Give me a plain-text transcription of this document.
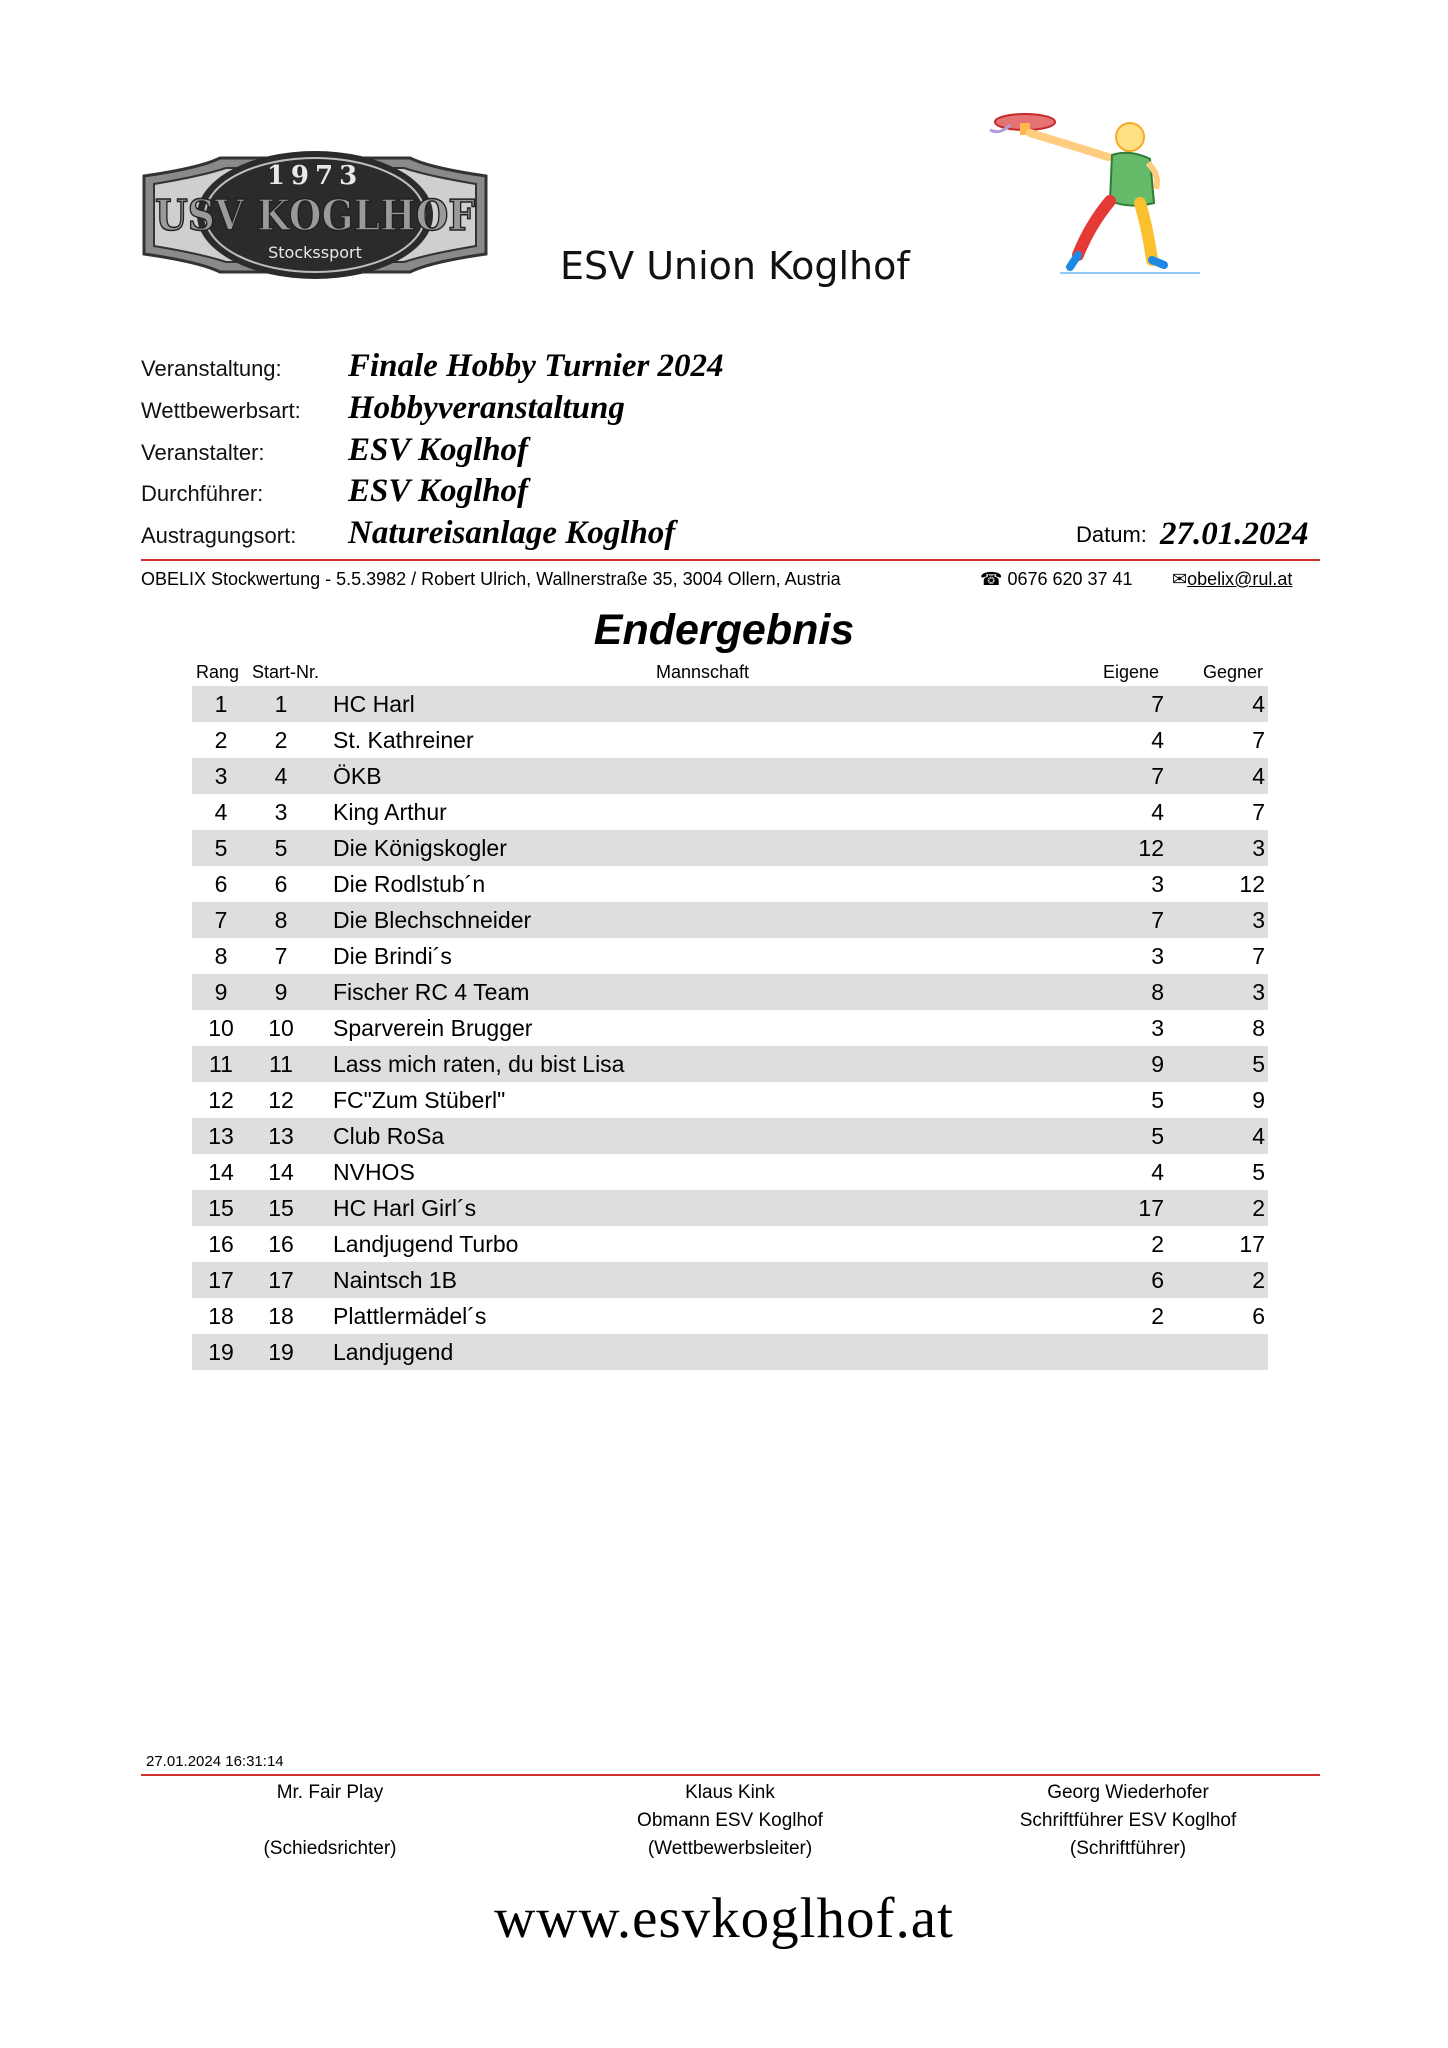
1973
USV KOGLHOF
Stockssport	ESV Union Koglhof
Veranstaltung: Finale Hobby Turnier 2024
Wettbewerbsart: Hobbyveranstaltung
Veranstalter:	ESV Koglhof
Durchführer:	ESV Koglhof
Austragungsort: Natureisanlage Koglhof	Datum: 27.01.2024
OBELIX Stockwertung - 5.5.3982 / Robert Ulrich, Wallnerstraße 35, 3004 Ollern, Austria	☎ 0676 620 37 41 ✉obelix@rul.at
Endergebnis
Rang Start-Nr.	Mannschaft	Eigene Gegner
1	1	HC Harl	7	4
2	2	St. Kathreiner	4	7
3	4	ÖKB	7	4
4	3	King Arthur	4	7
5	5	Die Königskogler	12	3
6	6	Die Rodlstub´n	3	12
7	8	Die Blechschneider	7	3
8	7	Die Brindi´s	3	7
9	9	Fischer RC 4 Team	8	3
10	10	Sparverein Brugger	3	8
11	11	Lass mich raten, du bist Lisa	9	5
12	12	FC"Zum Stüberl"	5	9
13	13	Club RoSa	5	4
14	14	NVHOS	4	5
15	15	HC Harl Girl´s	17	2
16	16	Landjugend Turbo	2	17
17	17	Naintsch 1B	6	2
18	18	Plattlermädel´s	2	6
19	19	Landjugend
27.01.2024 16:31:14
Mr. Fair Play
(Schiedsrichter)
Klaus Kink
Obmann ESV Koglhof
(Wettbewerbsleiter)
Georg Wiederhofer
Schriftführer ESV Koglhof
(Schriftführer)
www.esvkoglhof.at
